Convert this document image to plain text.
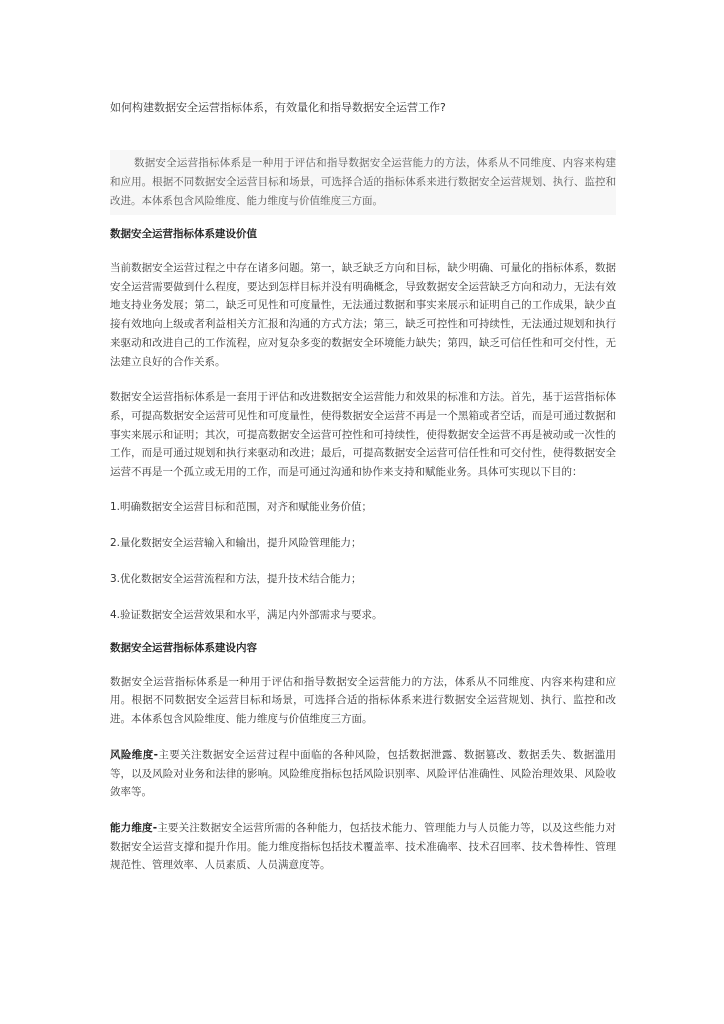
如何构建数据安全运营指标体系，有效量化和指导数据安全运营工作?
数据安全运营指标体系是一种用于评估和指导数据安全运营能力的方法，体系从不同维度、内容来构建和应用。根据不同数据安全运营目标和场景，可选择合适的指标体系来进行数据安全运营规划、执行、监控和改进。本体系包含风险维度、能力维度与价值维度三方面。
数据安全运营指标体系建设价值
当前数据安全运营过程之中存在诸多问题。第一，缺乏缺乏方向和目标，缺少明确、可量化的指标体系，数据安全运营需要做到什么程度，要达到怎样目标并没有明确概念，导致数据安全运营缺乏方向和动力，无法有效地支持业务发展；第二，缺乏可见性和可度量性，无法通过数据和事实来展示和证明自己的工作成果，缺少直接有效地向上级或者利益相关方汇报和沟通的方式方法；第三，缺乏可控性和可持续性，无法通过规划和执行来驱动和改进自己的工作流程，应对复杂多变的数据安全环境能力缺失；第四，缺乏可信任性和可交付性，无法建立良好的合作关系。
数据安全运营指标体系是一套用于评估和改进数据安全运营能力和效果的标准和方法。首先，基于运营指标体系，可提高数据安全运营可见性和可度量性，使得数据安全运营不再是一个黑箱或者空话，而是可通过数据和事实来展示和证明；其次，可提高数据安全运营可控性和可持续性，使得数据安全运营不再是被动或一次性的工作，而是可通过规划和执行来驱动和改进；最后，可提高数据安全运营可信任性和可交付性，使得数据安全运营不再是一个孤立或无用的工作，而是可通过沟通和协作来支持和赋能业务。具体可实现以下目的：
1.明确数据安全运营目标和范围，对齐和赋能业务价值；
2.量化数据安全运营输入和输出，提升风险管理能力；
3.优化数据安全运营流程和方法，提升技术结合能力；
4.验证数据安全运营效果和水平，满足内外部需求与要求。
数据安全运营指标体系建设内容
数据安全运营指标体系是一种用于评估和指导数据安全运营能力的方法，体系从不同维度、内容来构建和应用。根据不同数据安全运营目标和场景，可选择合适的指标体系来进行数据安全运营规划、执行、监控和改进。本体系包含风险维度、能力维度与价值维度三方面。
风险维度-主要关注数据安全运营过程中面临的各种风险，包括数据泄露、数据篡改、数据丢失、数据滥用等，以及风险对业务和法律的影响。风险维度指标包括风险识别率、风险评估准确性、风险治理效果、风险收敛率等。
能力维度-主要关注数据安全运营所需的各种能力，包括技术能力、管理能力与人员能力等，以及这些能力对数据安全运营支撑和提升作用。能力维度指标包括技术覆盖率、技术准确率、技术召回率、技术鲁棒性、管理规范性、管理效率、人员素质、人员满意度等。
